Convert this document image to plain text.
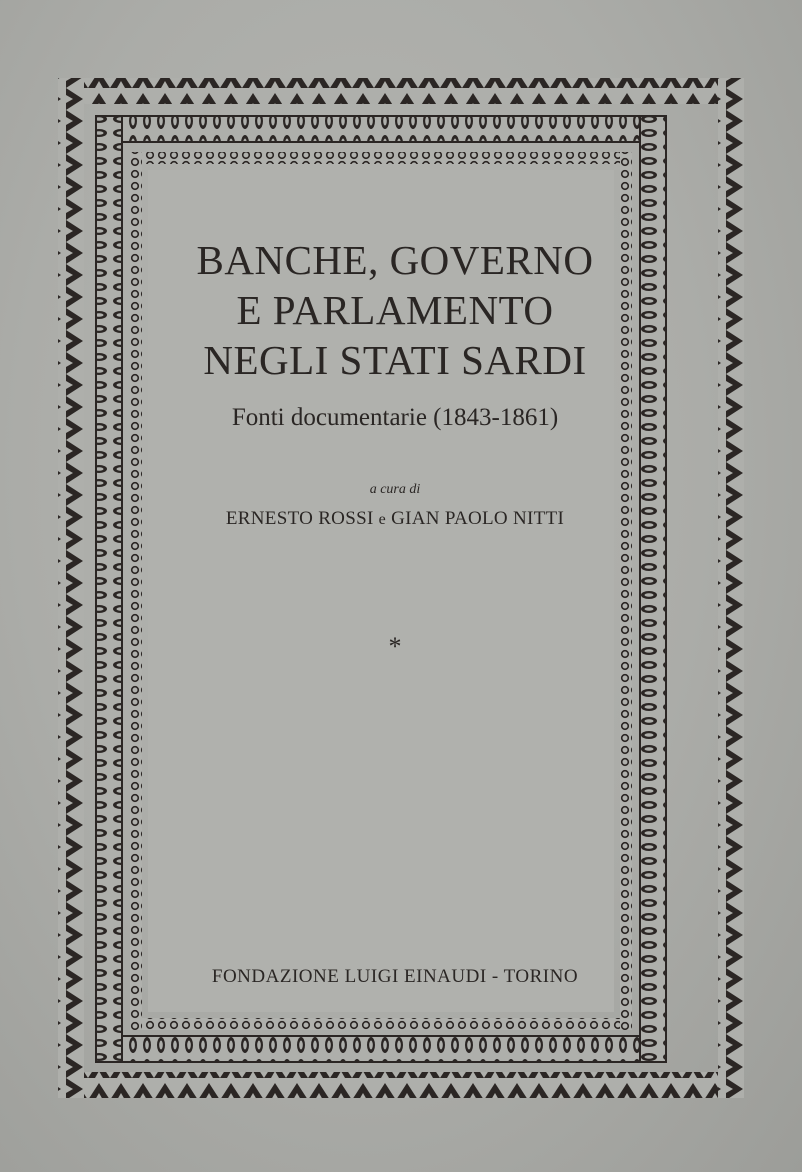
BANCHE, GOVERNO
E PARLAMENTO
NEGLI STATI SARDI

Fonti documentarie (1843-1861)

a cura di

ERNESTO ROSSI e GIAN PAOLO NITTI

*

FONDAZIONE LUIGI EINAUDI - TORINO
